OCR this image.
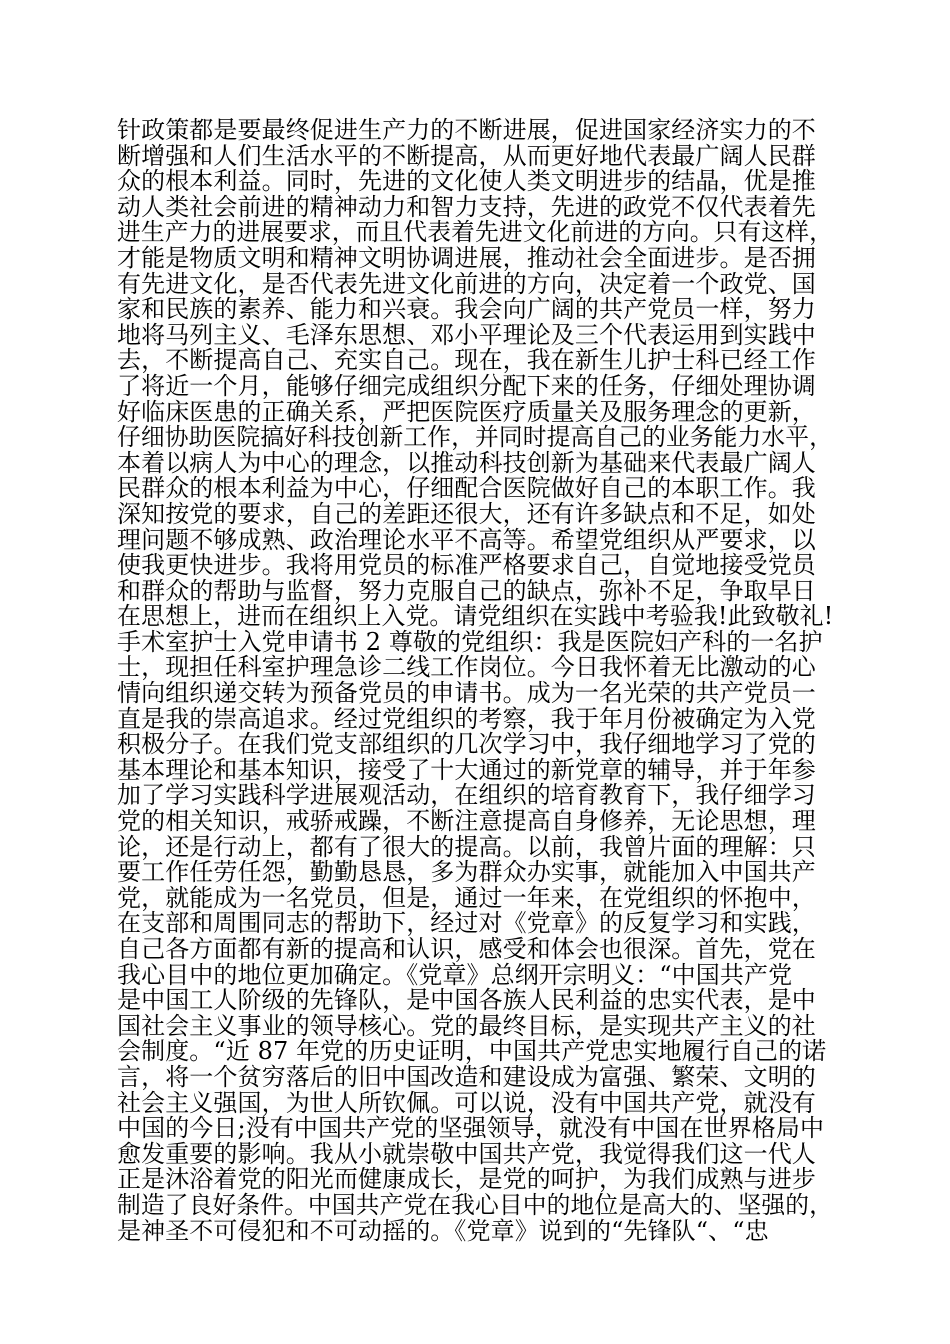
针政策都是要最终促进生产力的不断进展，促进国家经济实力的不
断增强和人们生活水平的不断提高，从而更好地代表最广阔人民群
众的根本利益。同时，先进的文化使人类文明进步的结晶，优是推
动人类社会前进的精神动力和智力支持，先进的政党不仅代表着先
进生产力的进展要求，而且代表着先进文化前进的方向。只有这样，
才能是物质文明和精神文明协调进展，推动社会全面进步。是否拥
有先进文化，是否代表先进文化前进的方向，决定着一个政党、国
家和民族的素养、能力和兴衰。我会向广阔的共产党员一样，努力
地将马列主义、毛泽东思想、邓小平理论及三个代表运用到实践中
去，不断提高自己、充实自己。现在，我在新生儿护士科已经工作
了将近一个月，能够仔细完成组织分配下来的任务，仔细处理协调
好临床医患的正确关系，严把医院医疗质量关及服务理念的更新，
仔细协助医院搞好科技创新工作，并同时提高自己的业务能力水平，
本着以病人为中心的理念，以推动科技创新为基础来代表最广阔人
民群众的根本利益为中心，仔细配合医院做好自己的本职工作。我
深知按党的要求，自己的差距还很大，还有许多缺点和不足，如处
理问题不够成熟、政治理论水平不高等。希望党组织从严要求，以
使我更快进步。我将用党员的标准严格要求自己，自觉地接受党员
和群众的帮助与监督，努力克服自己的缺点，弥补不足，争取早日
在思想上，进而在组织上入党。请党组织在实践中考验我!此致敬礼!
手术室护士入党申请书 2 尊敬的党组织：我是医院妇产科的一名护
士，现担任科室护理急诊二线工作岗位。今日我怀着无比激动的心
情向组织递交转为预备党员的申请书。成为一名光荣的共产党员一
直是我的崇高追求。经过党组织的考察，我于年月份被确定为入党
积极分子。在我们党支部组织的几次学习中，我仔细地学习了党的
基本理论和基本知识，接受了十大通过的新党章的辅导，并于年参
加了学习实践科学进展观活动，在组织的培育教育下，我仔细学习
党的相关知识，戒骄戒躁，不断注意提高自身修养，无论思想，理
论，还是行动上，都有了很大的提高。以前，我曾片面的理解：只
要工作任劳任怨，勤勤恳恳，多为群众办实事，就能加入中国共产
党，就能成为一名党员，但是，通过一年来，在党组织的怀抱中，
在支部和周围同志的帮助下，经过对《党章》的反复学习和实践，
自己各方面都有新的提高和认识，感受和体会也很深。首先，党在
我心目中的地位更加确定。《党章》总纲开宗明义：“中国共产党
是中国工人阶级的先锋队，是中国各族人民利益的忠实代表，是中
国社会主义事业的领导核心。党的最终目标，是实现共产主义的社
会制度。“近 87 年党的历史证明，中国共产党忠实地履行自己的诺
言，将一个贫穷落后的旧中国改造和建设成为富强、繁荣、文明的
社会主义强国，为世人所钦佩。可以说，没有中国共产党，就没有
中国的今日;没有中国共产党的坚强领导，就没有中国在世界格局中
愈发重要的影响。我从小就崇敬中国共产党，我觉得我们这一代人
正是沐浴着党的阳光而健康成长，是党的呵护，为我们成熟与进步
制造了良好条件。中国共产党在我心目中的地位是高大的、坚强的，
是神圣不可侵犯和不可动摇的。《党章》说到的“先锋队“、“忠
